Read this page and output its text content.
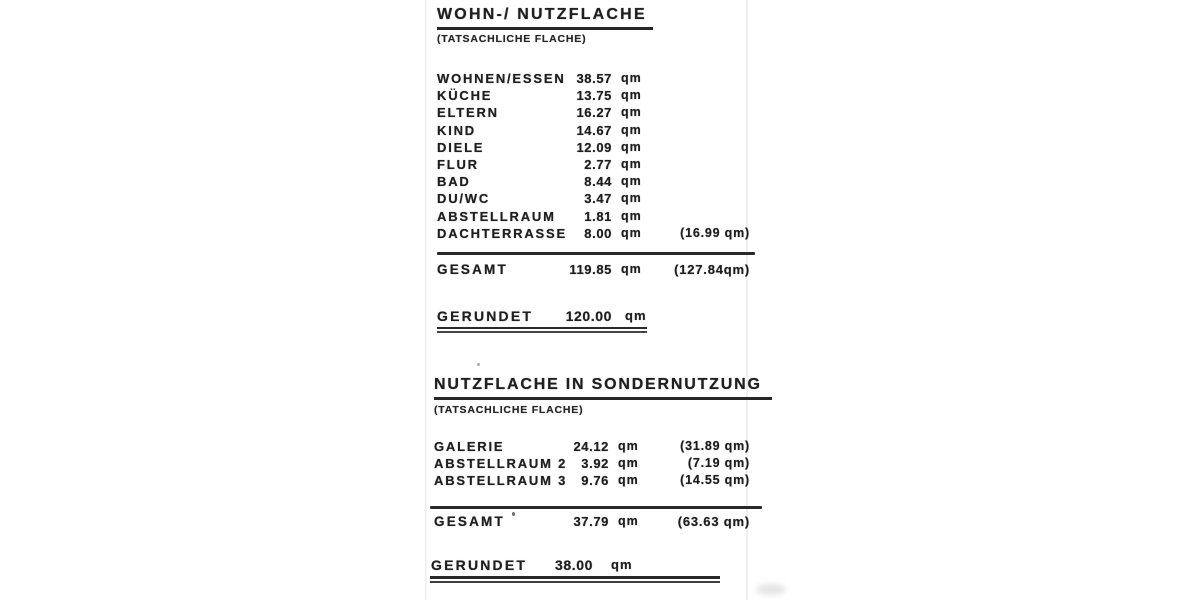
WOHN-/ NUTZFLACHE
(TATSACHLICHE FLACHE)
WOHNEN/ESSEN 38.57 qm
KÜCHE	13.75 qm
ELTERN	16.27 qm
KIND	14.67 qm
DIELE	12.09 qm
FLUR	2.77 qm
BAD	8.44 qm
DU/WC	3.47 qm
ABSTELLRAUM	1.81 qm
DACHTERRASSE	8.00 qm	(16.99 qm)
GESAMT	119.85 qm (127.84qm)
GERUNDET	120.00 qm
NUTZFLACHE IN SONDERNUTZUNG
(TATSACHLICHE FLACHE)
GALERIE	24.12 qm	(31.89 qm)
ABSTELLRAUM 2	3.92 qm	(7.19 qm)
ABSTELLRAUM 3	9.76 qm	(14.55 qm)
GESAMT	37.79 qm	(63.63 qm)
GERUNDET	38.00 qm
